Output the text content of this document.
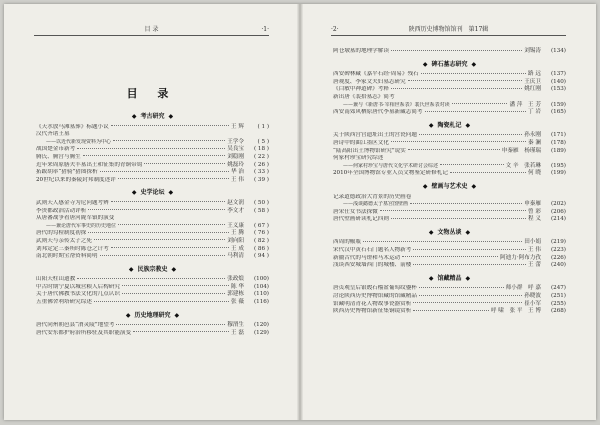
目 录	·1·
目 录
◆ 考古研究 ◆
《天水放马滩墓葬》标题小议	王 辉	( 1 )
汉代齐诸王墓
——以近代新发现资料为中心	王学令	( 5 )
战国楚金币新考	吴良宝	( 18 )
腾氏、腾宫与腾生	刘稳刚	( 22 )
近年来周原膳夫丰墓出土和征集的青铜带钩	姚磊玲	( 26 )
拓跋胡率“猎骑”猎图探析	华 治	( 33 )
20世纪以来的秦陵封邦制度述评	王 伟	( 39 )
◆ 史学论坛 ◆
武则天人感金寺为尼问题考辨	赵文润	( 50 )
李贵都政治活动评析	李文才	( 58 )
从唐蕃战争看唐河陇军镇的演变
——兼论唐代军事史的历史地位	王义康	( 67 )
唐代的勾检制度初探	王 腾	( 76 )
武则天与亲传太子之死	刘向阳	( 82 )
刘邦定定三秦所时陈仓之计考	王 成	( 86 )
南北朝时期宝帮资料简明	马利清	( 94 )
◆ 民族宗教史 ◆
山阳天柱山遗教	张政烺	(100)
中古时期宁夏以城营粮人后构研究	陈 华	(104)
关于唐代佛教书法文化的几点认识	郭建栋	(110)
五重佛舍利塔研究综述	张 薇	(116)
◆ 历史地理研究 ◆
唐代同州朝邑县“渭灵陵”地望考	穆渭生	(120)
唐代安东都护府治所移驻及其职能演变	王 磊	(129)
·2·	陕西历史博物馆馆刊　第17辑
阿仓墩墓的地理学解读	刘锡涛	(134)
◆ 碑石墓志研究 ◆
西安碑林藏《嘉平石经·周易》残石	路 远	(137)
唐观度、李家文夫妇墓志研究	王庆卫	(140)
《白敏中神道碑》考释	姚红刚	(153)
新出唐《裴拾墓志》简考
——兼与《新唐书·宰相世系表》裴氏世系表对读	潘 萍　王 芳	(159)
西安南郊风栖原唐代李墓新藏志简考	丁 岩	(165)
◆ 陶瓷札记 ◆
关于陕西宫宫遗址出土的宫瓷问题	孙永刚	(171)
唐诗中的曲江墨区文化	秦 澜	(178)
“陆高阳出土博物馆研究”说实	申秦雁　杨瑾瑞	(189)
何家村珍宝研究综述
——何家村珍宝与唐代文化学术研讨会综述	文 辛　张若琳	(195)
2010年全国博物馆专业人员文物鉴定研修札记	何 晓	(199)
◆ 壁画与艺术史 ◆
记录道德政治大背景的历史画卷
——浅谈懿德太子墓宫图壁画	申秦雁	(202)
唐宋仕女书法探微	曾 彩	(206)
唐代壁画研读札记四则	程 义	(214)
◆ 文物丛谈 ◆
西周的椒瓶	田小娟	(219)
宋代汉中黄石石门题名人物新考	王 伟	(223)
新疆古代的马镫和马术运动	阿迪力·阿布力孜	(226)
浅谈西安城墙西门的城楼、箭楼	王 蕾	(240)
◆ 馆藏精品 ◆
唐贞观皇后银镀石榴盆葡萄纹鎏杯	师小群　呼 嘉	(247)
討论陕西历史博物馆藏的馆藏精品	孙晓波	(251)
馆藏明清青花人物故事瓷器赏析	崔小军	(255)
陕西历史博物馆新征集铜镜赏析	呼 啸　张 平　王 博	(268)
